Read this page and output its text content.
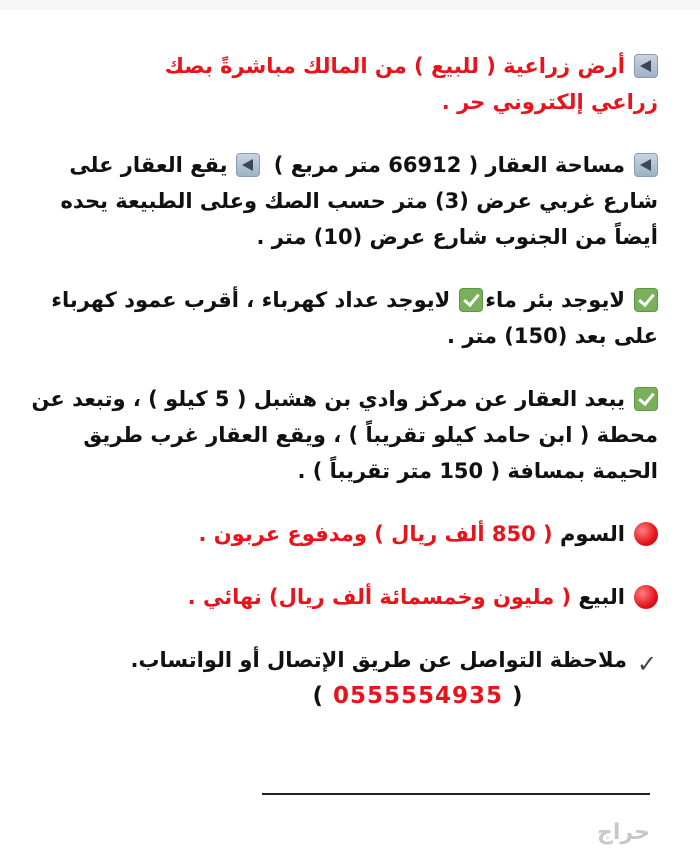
أرض زراعية ( للبيع ) من المالك مباشرةً بصك
زراعي إلكتروني حر .

مساحة العقار ( 66912 متر مربع ) يقع العقار على شارع غربي عرض (3) متر حسب الصك وعلى الطبيعة يحده أيضاً من الجنوب شارع عرض (10) متر .

لايوجد بئر ماءلايوجد عداد كهرباء ، أقرب عمود كهرباء على بعد (150) متر .

يبعد العقار عن مركز وادي بن هشبل ( 5 كيلو ) ، وتبعد عن محطة ( ابن حامد كيلو تقريباً ) ، ويقع العقار غرب طريق الحيمة بمسافة ( 150 متر تقريباً ) .

السوم ( 850 ألف ريال ) ومدفوع عربون .

البيع ( مليون وخمسمائة ألف ريال) نهائي .

✓ملاحظة التواصل عن طريق الإتصال أو الواتساب.
( 0555554935 )

حراج
